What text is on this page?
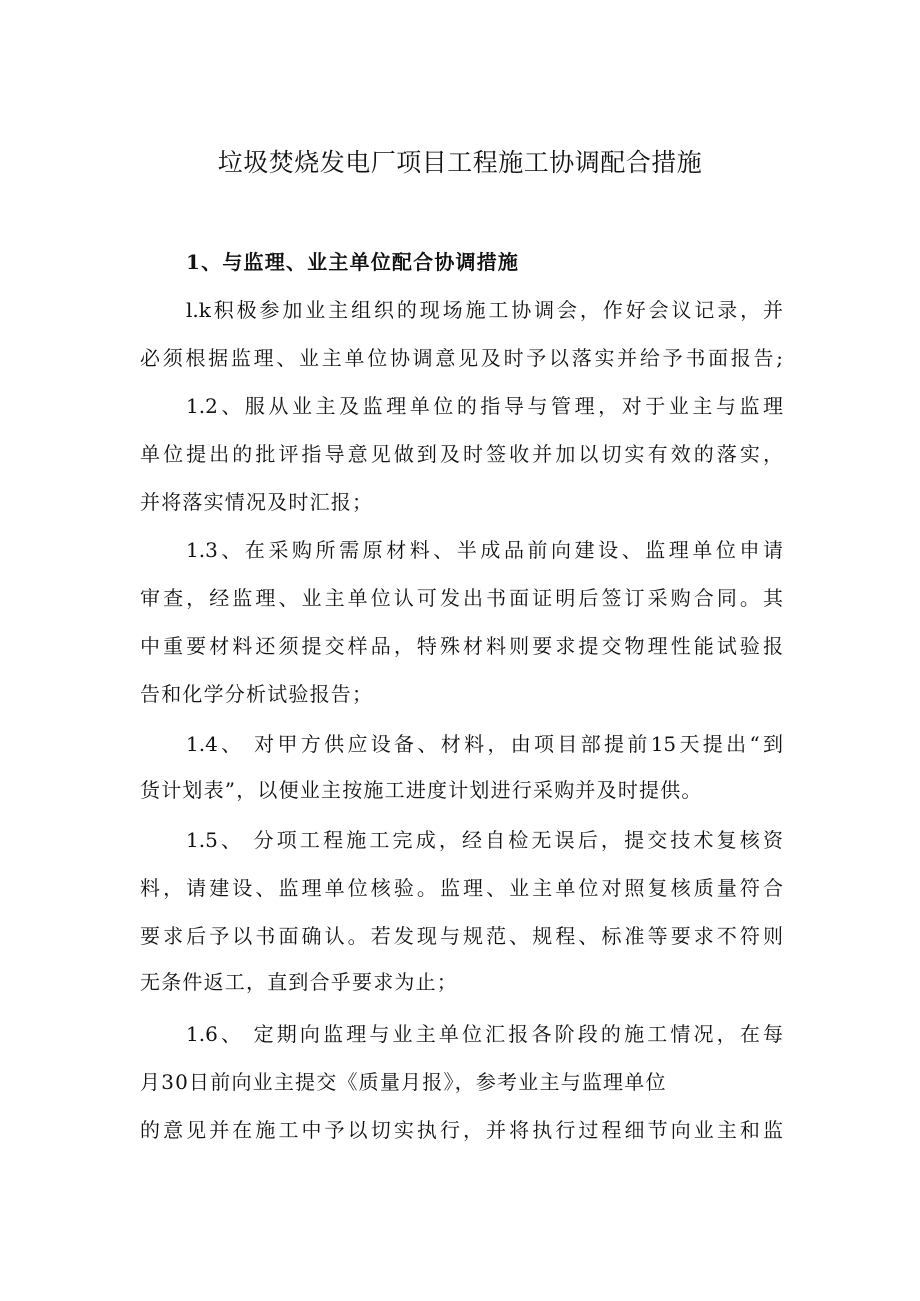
垃圾焚烧发电厂项目工程施工协调配合措施
1、与监理、业主单位配合协调措施
l.k积极参加业主组织的现场施工协调会，作好会议记录，并
必须根据监理、业主单位协调意见及时予以落实并给予书面报告;
1.2、服从业主及监理单位的指导与管理，对于业主与监理
单位提出的批评指导意见做到及时签收并加以切实有效的落实，
并将落实情况及时汇报；
1.3、在采购所需原材料、半成品前向建设、监理单位申请
审查，经监理、业主单位认可发出书面证明后签订采购合同。其
中重要材料还须提交样品，特殊材料则要求提交物理性能试验报
告和化学分析试验报告；
1.4、 对甲方供应设备、材料，由项目部提前15天提出“到
货计划表”，以便业主按施工进度计划进行采购并及时提供。
1.5、 分项工程施工完成，经自检无误后，提交技术复核资
料，请建设、监理单位核验。监理、业主单位对照复核质量符合
要求后予以书面确认。若发现与规范、规程、标准等要求不符则
无条件返工，直到合乎要求为止；
1.6、 定期向监理与业主单位汇报各阶段的施工情况，在每
月30日前向业主提交《质量月报》，参考业主与监理单位
的意见并在施工中予以切实执行，并将执行过程细节向业主和监
